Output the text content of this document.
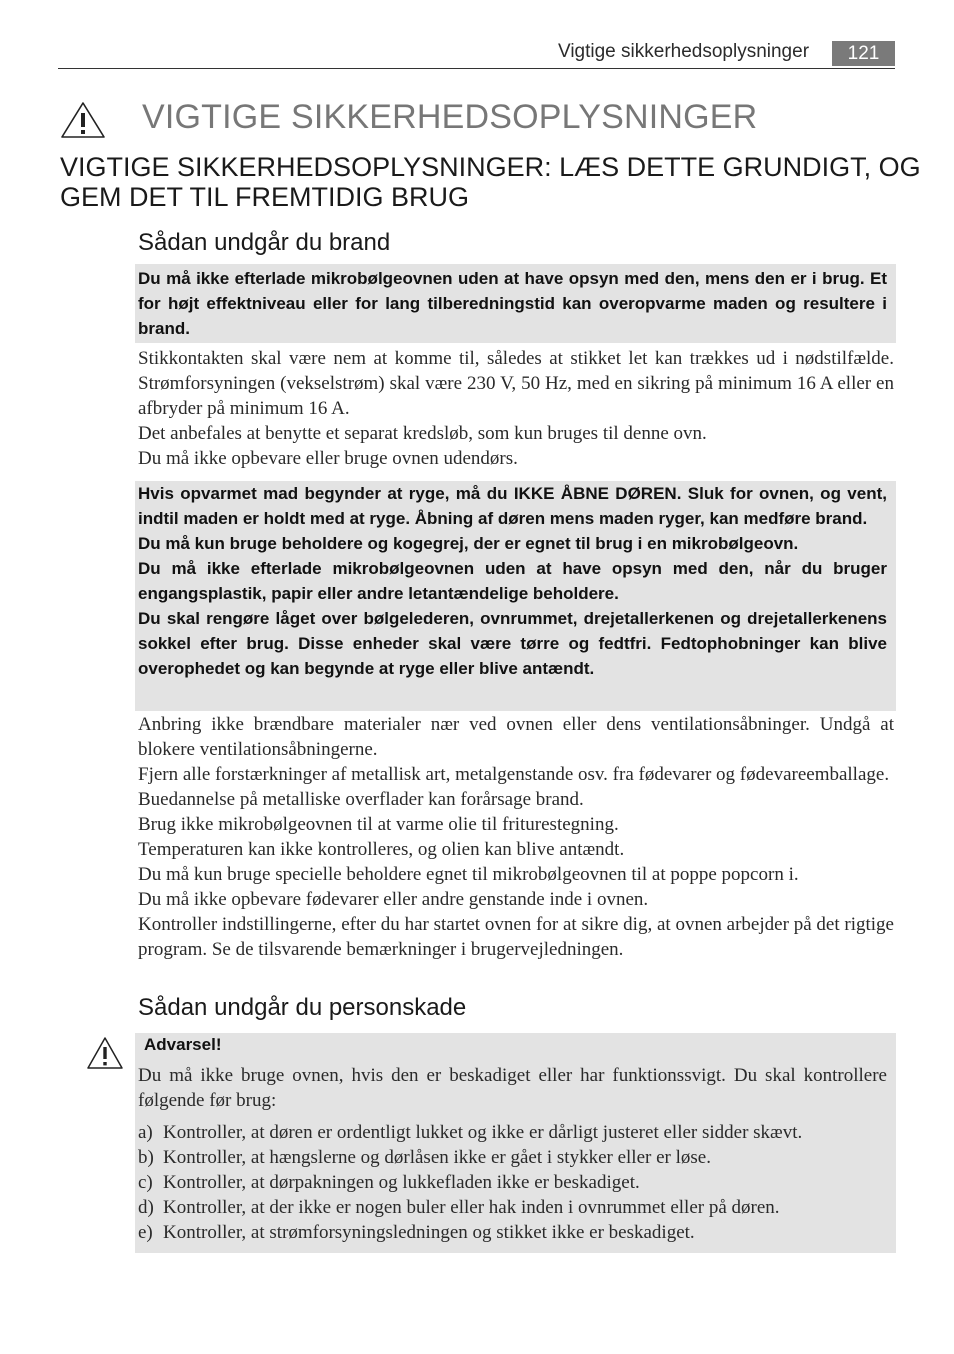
Vigtige sikkerhedsoplysninger	121
VIGTIGE SIKKERHEDSOPLYSNINGER
VIGTIGE SIKKERHEDSOPLYSNINGER: LÆS DETTE GRUNDIGT, OG
GEM DET TIL FREMTIDIG BRUG
Sådan undgår du brand

Du må ikke efterlade mikrobølgeovnen uden at have opsyn med den, mens den er i brug. Et for højt effektniveau eller for lang tilberedningstid kan overopvarme maden og resultere i brand.

Stikkontakten skal være nem at komme til, således at stikket let kan trækkes ud i nødstilfælde. Strømforsyningen (vekselstrøm) skal være 230 V, 50 Hz, med en sikring på minimum 16 A eller en afbryder på minimum 16 A.

Det anbefales at benytte et separat kredsløb, som kun bruges til denne ovn.

Du må ikke opbevare eller bruge ovnen udendørs.

Hvis opvarmet mad begynder at ryge, må du IKKE ÅBNE DØREN. Sluk for ovnen, og vent, indtil maden er holdt med at ryge. Åbning af døren mens maden ryger, kan medføre brand.

Du må kun bruge beholdere og kogegrej, der er egnet til brug i en mikrobølgeovn.

Du må ikke efterlade mikrobølgeovnen uden at have opsyn med den, når du bruger engangsplastik, papir eller andre letantændelige beholdere.

Du skal rengøre låget over bølgelederen, ovnrummet, drejetallerkenen og drejetallerkenens sokkel efter brug. Disse enheder skal være tørre og fedtfri. Fedtophobninger kan blive overophedet og kan begynde at ryge eller blive antændt.

Anbring ikke brændbare materialer nær ved ovnen eller dens ventilationsåbninger. Undgå at blokere ventilationsåbningerne.

Fjern alle forstærkninger af metallisk art, metalgenstande osv. fra fødevarer og fødevareemballage.

Buedannelse på metalliske overflader kan forårsage brand.

Brug ikke mikrobølgeovnen til at varme olie til friturestegning.

Temperaturen kan ikke kontrolleres, og olien kan blive antændt.

Du må kun bruge specielle beholdere egnet til mikrobølgeovnen til at poppe popcorn i.

Du må ikke opbevare fødevarer eller andre genstande inde i ovnen.

Kontroller indstillingerne, efter du har startet ovnen for at sikre dig, at ovnen arbejder på det rigtige program. Se de tilsvarende bemærkninger i brugervejledningen.

Sådan undgår du personskade
Advarsel!
Du må ikke bruge ovnen, hvis den er beskadiget eller har funktionssvigt. Du skal kontrollere følgende før brug:
a) Kontroller, at døren er ordentligt lukket og ikke er dårligt justeret eller sidder skævt.
b) Kontroller, at hængslerne og dørlåsen ikke er gået i stykker eller er løse.
c) Kontroller, at dørpakningen og lukkefladen ikke er beskadiget.
d) Kontroller, at der ikke er nogen buler eller hak inden i ovnrummet eller på døren.
e) Kontroller, at strømforsyningsledningen og stikket ikke er beskadiget.
